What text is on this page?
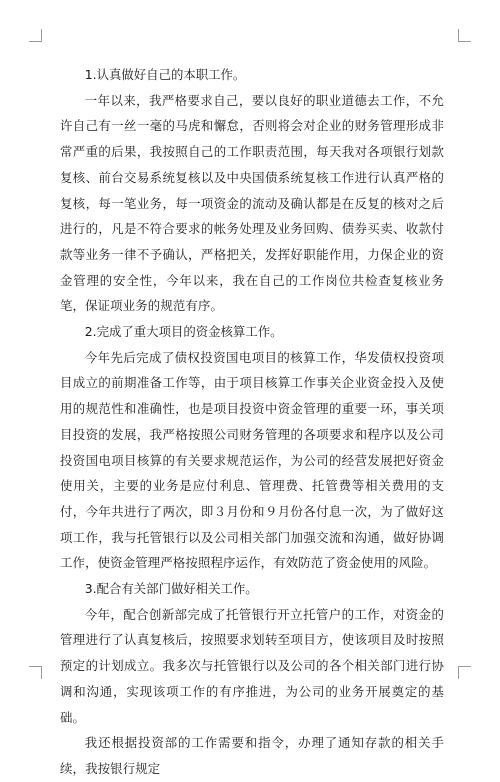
1.认真做好自己的本职工作。

一年以来，我严格要求自己，要以良好的职业道德去工作，不允许自己有一丝一毫的马虎和懈怠，否则将会对企业的财务管理形成非常严重的后果，我按照自己的工作职责范围，每天我对各项银行划款复核、前台交易系统复核以及中央国债系统复核工作进行认真严格的复核，每一笔业务，每一项资金的流动及确认都是在反复的核对之后进行的，凡是不符合要求的帐务处理及业务回购、债券买卖、收款付款等业务一律不予确认，严格把关，发挥好职能作用，力保企业的资金管理的安全性，今年以来，我在自己的工作岗位共检查复核业务笔，保证项业务的规范有序。

2.完成了重大项目的资金核算工作。

今年先后完成了债权投资国电项目的核算工作，华发债权投资项目成立的前期准备工作等，由于项目核算工作事关企业资金投入及使用的规范性和准确性，也是项目投资中资金管理的重要一环，事关项目投资的发展，我严格按照公司财务管理的各项要求和程序以及公司投资国电项目核算的有关要求规范运作，为公司的经营发展把好资金使用关，主要的业务是应付利息、管理费、托管费等相关费用的支付，今年共进行了两次，即３月份和９月份各付息一次，为了做好这项工作，我与托管银行以及公司相关部门加强交流和沟通，做好协调工作，使资金管理严格按照程序运作，有效防范了资金使用的风险。

3.配合有关部门做好相关工作。

今年，配合创新部完成了托管银行开立托管户的工作，对资金的管理进行了认真复核后，按照要求划转至项目方，使该项目及时按照预定的计划成立。我多次与托管银行以及公司的各个相关部门进行协调和沟通，实现该项工作的有序推进，为公司的业务开展奠定的基础。

我还根据投资部的工作需要和指令，办理了通知存款的相关手续，我按银行规定
